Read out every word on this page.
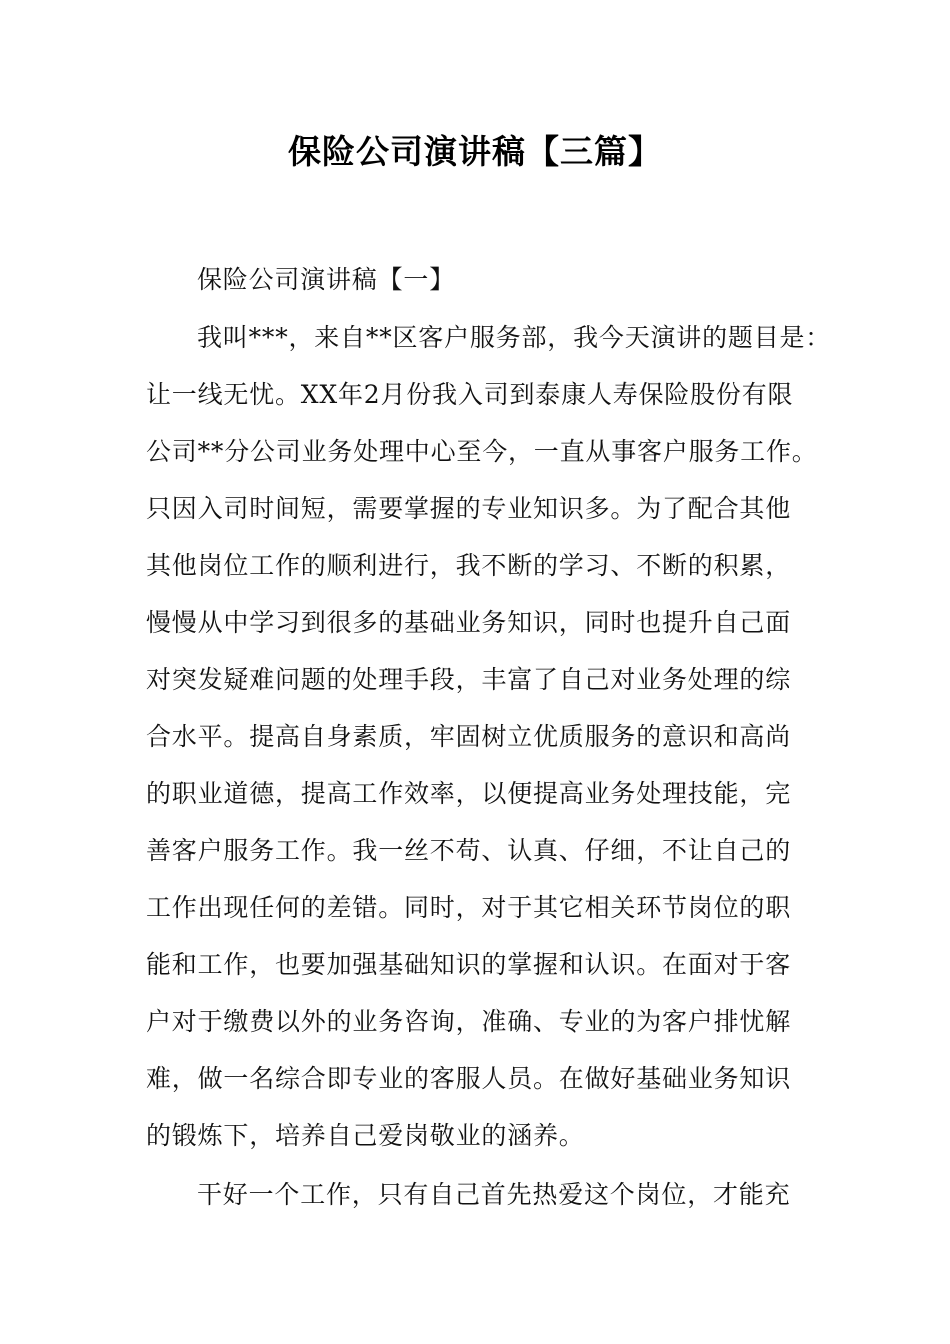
保险公司演讲稿【三篇】
保险公司演讲稿【一】
我叫***，来自**区客户服务部，我今天演讲的题目是：
让一线无忧。XX年2月份我入司到泰康人寿保险股份有限
公司**分公司业务处理中心至今，一直从事客户服务工作。
只因入司时间短，需要掌握的专业知识多。为了配合其他
其他岗位工作的顺利进行，我不断的学习、不断的积累，
慢慢从中学习到很多的基础业务知识，同时也提升自己面
对突发疑难问题的处理手段，丰富了自己对业务处理的综
合水平。提高自身素质，牢固树立优质服务的意识和高尚
的职业道德，提高工作效率，以便提高业务处理技能，完
善客户服务工作。我一丝不苟、认真、仔细，不让自己的
工作出现任何的差错。同时，对于其它相关环节岗位的职
能和工作，也要加强基础知识的掌握和认识。在面对于客
户对于缴费以外的业务咨询，准确、专业的为客户排忧解
难，做一名综合即专业的客服人员。在做好基础业务知识
的锻炼下，培养自己爱岗敬业的涵养。
干好一个工作，只有自己首先热爱这个岗位，才能充
